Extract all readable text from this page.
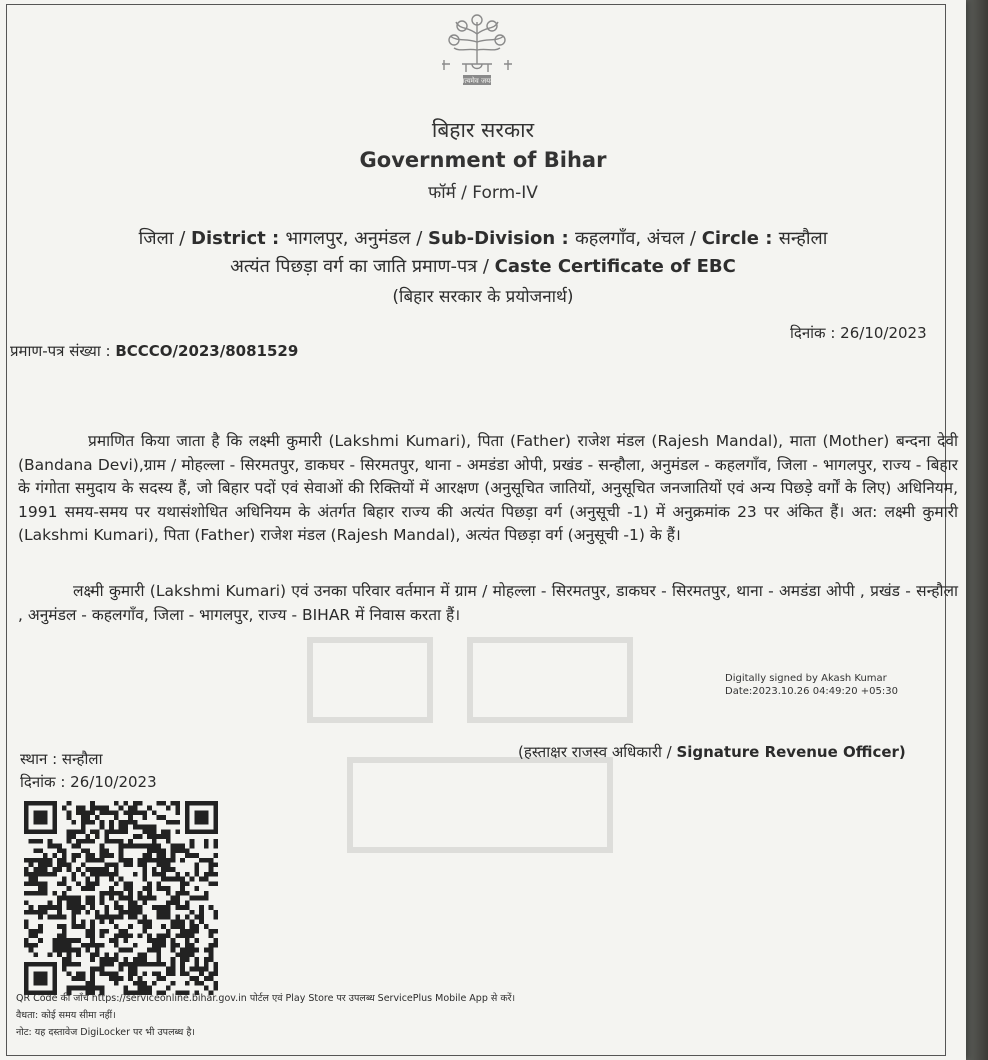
सत्यमेव जयते
बिहार सरकार
Government of Bihar
फॉर्म / Form-IV
जिला / District : भागलपुर, अनुमंडल / Sub-Division : कहलगाँव, अंचल / Circle : सन्हौला
अत्यंत पिछड़ा वर्ग का जाति प्रमाण-पत्र / Caste Certificate of EBC
(बिहार सरकार के प्रयोजनार्थ)
प्रमाण-पत्र संख्या : BCCCO/2023/8081529
दिनांक : 26/10/2023
प्रमाणित किया जाता है कि लक्ष्मी कुमारी (Lakshmi Kumari), पिता (Father) राजेश मंडल (Rajesh Mandal), माता (Mother) बन्दना देवी (Bandana Devi),ग्राम / मोहल्ला - सिरमतपुर, डाकघर - सिरमतपुर, थाना - अमडंडा ओपी, प्रखंड - सन्हौला, अनुमंडल - कहलगाँव, जिला - भागलपुर, राज्य - बिहार के गंगोता समुदाय के सदस्य हैं, जो बिहार पदों एवं सेवाओं की रिक्तियों में आरक्षण (अनुसूचित जातियों, अनुसूचित जनजातियों एवं अन्य पिछड़े वर्गों के लिए) अधिनियम, 1991 समय-समय पर यथासंशोधित अधिनियम के अंतर्गत बिहार राज्य की अत्यंत पिछड़ा वर्ग (अनुसूची -1) में अनुक्रमांक 23 पर अंकित हैं। अत: लक्ष्मी कुमारी (Lakshmi Kumari), पिता (Father) राजेश मंडल (Rajesh Mandal), अत्यंत पिछड़ा वर्ग (अनुसूची -1) के हैं।
लक्ष्मी कुमारी (Lakshmi Kumari) एवं उनका परिवार वर्तमान में ग्राम / मोहल्ला - सिरमतपुर, डाकघर - सिरमतपुर, थाना - अमडंडा ओपी , प्रखंड - सन्हौला , अनुमंडल - कहलगाँव, जिला - भागलपुर, राज्य - BIHAR में निवास करता हैं।
Digitally signed by Akash Kumar
Date:2023.10.26 04:49:20 +05:30
स्थान : सन्हौला
दिनांक : 26/10/2023
(हस्ताक्षर राजस्व अधिकारी / Signature Revenue Officer)
QR Code की जाँच https://serviceonline.bihar.gov.in पोर्टल एवं Play Store पर उपलब्ध ServicePlus Mobile App से करें।
वैधता: कोई समय सीमा नहीं।
नोट: यह दस्तावेज DigiLocker पर भी उपलब्ध है।
